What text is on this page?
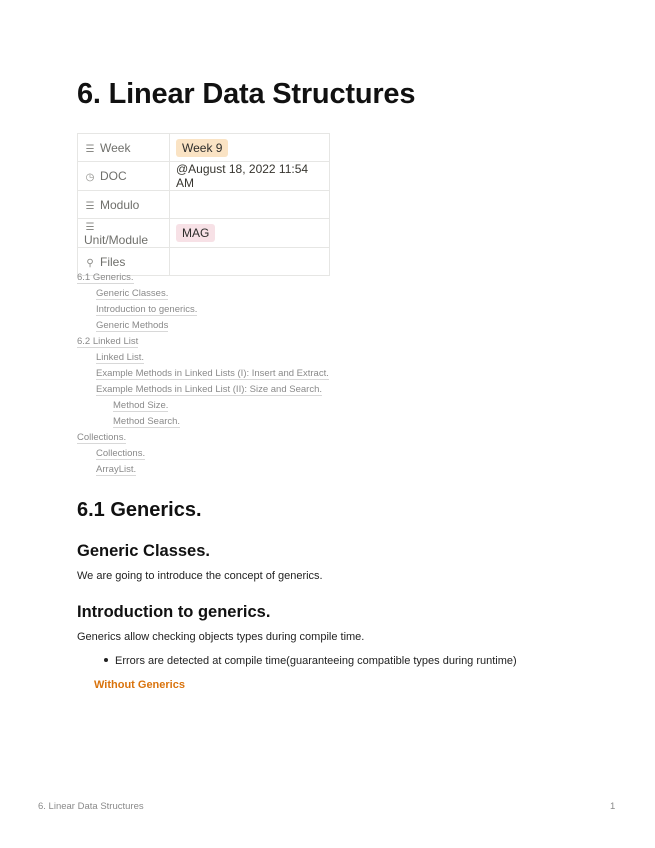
6. Linear Data Structures
☰ Week	Week 9
◷ DOC	@August 18, 2022 11:54 AM
☰ Modulo	
☰Unit/Module	MAG
⚲ Files	
6.1 Generics.
Generic Classes.
Introduction to generics.
Generic Methods
6.2 Linked List
Linked List.
Example Methods in Linked Lists (I): Insert and Extract.
Example Methods in Linked List (II): Size and Search.
Method Size.
Method Search.
Collections.
Collections.
ArrayList.
6.1 Generics.
Generic Classes.

We are going to introduce the concept of generics.

Introduction to generics.

Generics allow checking objects types during compile time.

Errors are detected at compile time(guaranteeing compatible types during runtime)
Without Generics
6. Linear Data Structures	1
